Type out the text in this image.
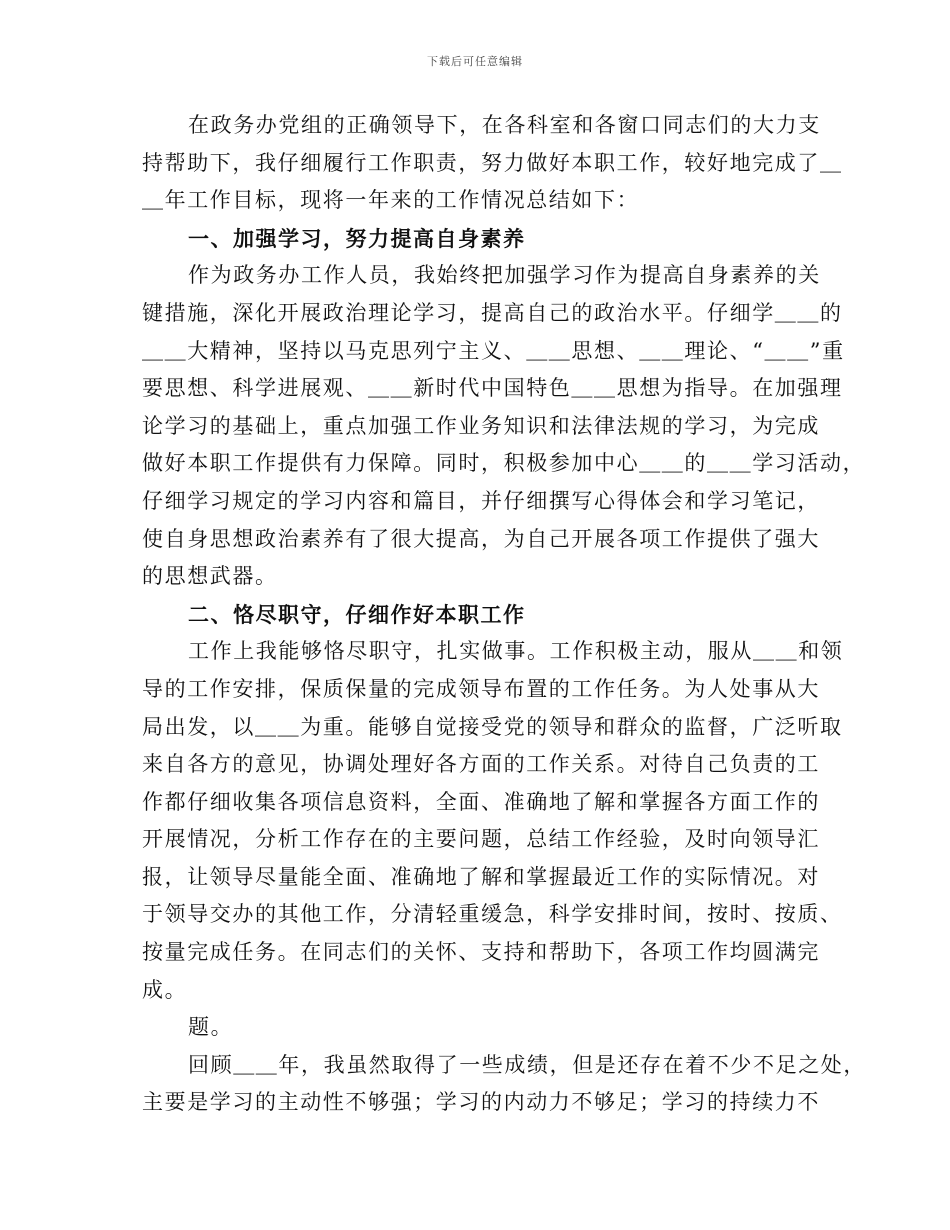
下载后可任意编辑

在政务办党组的正确领导下，在各科室和各窗口同志们的大力支
持帮助下，我仔细履行工作职责，努力做好本职工作，较好地完成了＿
＿年工作目标，现将一年来的工作情况总结如下：

一、加强学习，努力提高自身素养

作为政务办工作人员，我始终把加强学习作为提高自身素养的关
键措施，深化开展政治理论学习，提高自己的政治水平。仔细学＿＿的
＿＿大精神，坚持以马克思列宁主义、＿＿思想、＿＿理论、“＿＿”重
要思想、科学进展观、＿＿新时代中国特色＿＿思想为指导。在加强理
论学习的基础上，重点加强工作业务知识和法律法规的学习，为完成
做好本职工作提供有力保障。同时，积极参加中心＿＿的＿＿学习活动，
仔细学习规定的学习内容和篇目，并仔细撰写心得体会和学习笔记，
使自身思想政治素养有了很大提高，为自己开展各项工作提供了强大
的思想武器。

二、恪尽职守，仔细作好本职工作

工作上我能够恪尽职守，扎实做事。工作积极主动，服从＿＿和领
导的工作安排，保质保量的完成领导布置的工作任务。为人处事从大
局出发，以＿＿为重。能够自觉接受党的领导和群众的监督，广泛听取
来自各方的意见，协调处理好各方面的工作关系。对待自己负责的工
作都仔细收集各项信息资料，全面、准确地了解和掌握各方面工作的
开展情况，分析工作存在的主要问题，总结工作经验，及时向领导汇
报，让领导尽量能全面、准确地了解和掌握最近工作的实际情况。对
于领导交办的其他工作，分清轻重缓急，科学安排时间，按时、按质、
按量完成任务。在同志们的关怀、支持和帮助下，各项工作均圆满完
成。

题。

回顾＿＿年，我虽然取得了一些成绩，但是还存在着不少不足之处，
主要是学习的主动性不够强；学习的内动力不够足；学习的持续力不
